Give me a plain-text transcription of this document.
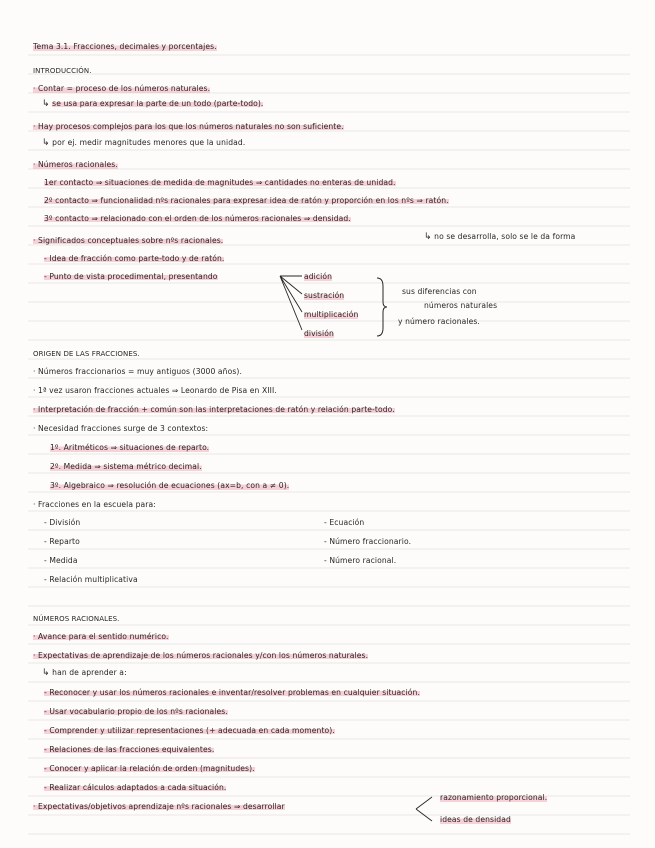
Tema 3.1. Fracciones, decimales y porcentajes.
INTRODUCCIÓN.
· Contar = proceso de los números naturales.
↳ se usa para expresar la parte de un todo (parte-todo).
· Hay procesos complejos para los que los números naturales no son suficiente.
↳ por ej. medir magnitudes menores que la unidad.
· Números racionales.
1er contacto ⇒ situaciones de medida de magnitudes ⇒ cantidades no enteras de unidad.
2º contacto ⇒ funcionalidad nºs racionales para expresar idea de ratón y proporción en los nºs ⇒ ratón.
3º contacto ⇒ relacionado con el orden de los números racionales ⇒ densidad.
↳ no se desarrolla, solo se le da forma
· Significados conceptuales sobre nºs racionales.
- Idea de fracción como parte-todo y de ratón.
- Punto de vista procedimental, presentando	adición
sustración
multiplicación
división
sus diferencias con
números naturales
y número racionales.
ORIGEN DE LAS FRACCIONES.
· Números fraccionarios = muy antiguos (3000 años).
· 1ª vez usaron fracciones actuales ⇒ Leonardo de Pisa en XIII.
· Interpretación de fracción + común son las interpretaciones de ratón y relación parte-todo.
· Necesidad fracciones surge de 3 contextos:
1º. Aritméticos ⇒ situaciones de reparto.
2º. Medida ⇒ sistema métrico decimal.
3º. Algebraico ⇒ resolución de ecuaciones (ax=b, con a ≠ 0).
· Fracciones en la escuela para:
- División
- Reparto
- Medida
- Relación multiplicativa
- Ecuación
- Número fraccionario.
- Número racional.
NÚMEROS RACIONALES.
· Avance para el sentido numérico.
· Expectativas de aprendizaje de los números racionales y/con los números naturales.
↳ han de aprender a:
- Reconocer y usar los números racionales e inventar/resolver problemas en cualquier situación.
- Usar vocabulario propio de los nºs racionales.
- Comprender y utilizar representaciones (+ adecuada en cada momento).
- Relaciones de las fracciones equivalentes.
- Conocer y aplicar la relación de orden (magnitudes).
- Realizar cálculos adaptados a cada situación.
· Expectativas/objetivos aprendizaje nºs racionales ⇒ desarrollar
razonamiento proporcional.
ideas de densidad
